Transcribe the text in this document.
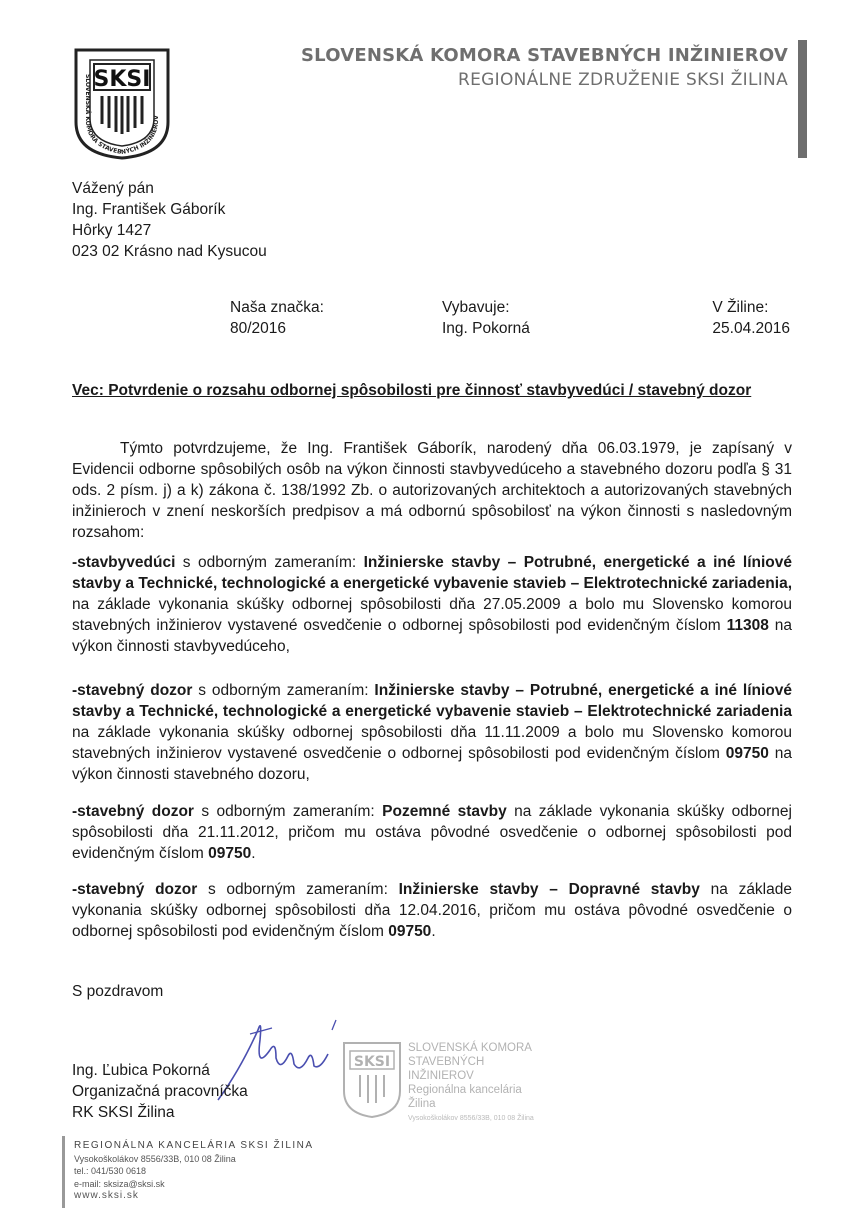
SKSI
SLOVENSKÁ KOMORA STAVEBNÝCH INŽINIEROV
SLOVENSKÁ KOMORA STAVEBNÝCH INŽINIEROV
REGIONÁLNE ZDRUŽENIE SKSI ŽILINA
Vážený pán
Ing. František Gáborík
Hôrky 1427
023 02 Krásno nad Kysucou
Naša značka:
80/2016
Vybavuje:
Ing. Pokorná
V Žiline:
25.04.2016
Vec: Potvrdenie o rozsahu odbornej spôsobilosti pre činnosť stavbyvedúci / stavebný dozor
Týmto potvrdzujeme, že Ing. František Gáborík, narodený dňa 06.03.1979, je zapísaný v Evidencii odborne spôsobilých osôb na výkon činnosti stavbyvedúceho a stavebného dozoru podľa § 31 ods. 2 písm. j) a k) zákona č. 138/1992 Zb. o autorizovaných architektoch a autorizovaných stavebných inžinieroch v znení neskorších predpisov a má odbornú spôsobilosť na výkon činnosti s nasledovným rozsahom:
-stavbyvedúci s odborným zameraním: Inžinierske stavby – Potrubné, energetické a iné líniové stavby a Technické, technologické a energetické vybavenie stavieb – Elektrotechnické zariadenia, na základe vykonania skúšky odbornej spôsobilosti dňa 27.05.2009 a bolo mu Slovensko komorou stavebných inžinierov vystavené osvedčenie o odbornej spôsobilosti pod evidenčným číslom 11308 na výkon činnosti stavbyvedúceho,
-stavebný dozor s odborným zameraním: Inžinierske stavby – Potrubné, energetické a iné líniové stavby a Technické, technologické a energetické vybavenie stavieb – Elektrotechnické zariadenia na základe vykonania skúšky odbornej spôsobilosti dňa 11.11.2009 a bolo mu Slovensko komorou stavebných inžinierov vystavené osvedčenie o odbornej spôsobilosti pod evidenčným číslom 09750 na výkon činnosti stavebného dozoru,
-stavebný dozor s odborným zameraním: Pozemné stavby na základe vykonania skúšky odbornej spôsobilosti dňa 21.11.2012, pričom mu ostáva pôvodné osvedčenie o odbornej spôsobilosti pod evidenčným číslom 09750.
-stavebný dozor s odborným zameraním: Inžinierske stavby – Dopravné stavby na základe vykonania skúšky odbornej spôsobilosti dňa 12.04.2016, pričom mu ostáva pôvodné osvedčenie o odbornej spôsobilosti pod evidenčným číslom 09750.
S pozdravom
Ing. Ľubica Pokorná
Organizačná pracovníčka
RK SKSI Žilina
SKSI
SLOVENSKÁ KOMORA
STAVEBNÝCH INŽINIEROV
Regionálna kancelária
Žilina
Vysokoškolákov 8556/33B, 010 08 Žilina
REGIONÁLNA KANCELÁRIA SKSI ŽILINA
Vysokoškolákov 8556/33B, 010 08 Žilina
tel.: 041/530 0618
e-mail: sksiza@sksi.sk
www.sksi.sk
